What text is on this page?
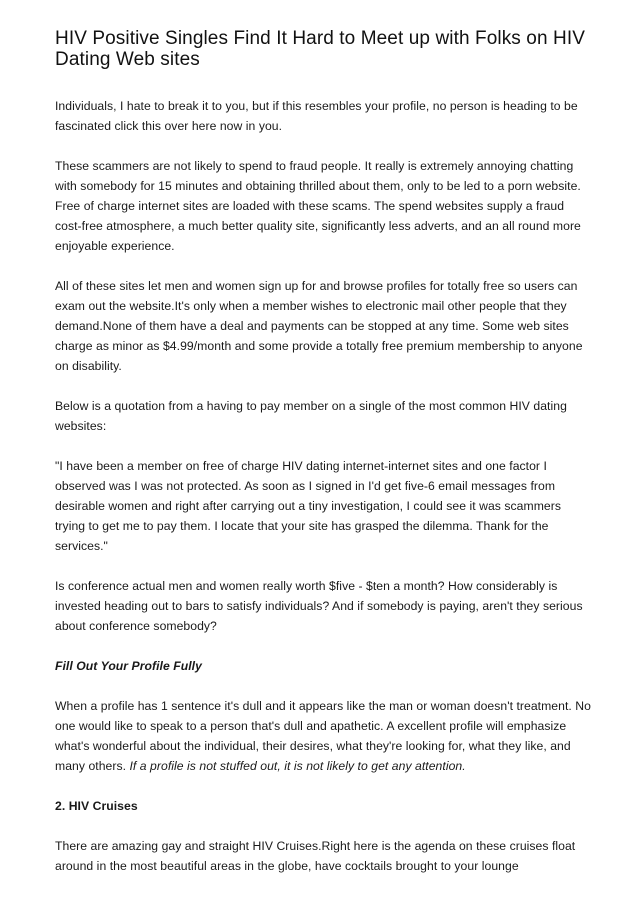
HIV Positive Singles Find It Hard to Meet up with Folks on HIV Dating Web sites

Individuals, I hate to break it to you, but if this resembles your profile, no person is heading to be fascinated click this over here now in you.

These scammers are not likely to spend to fraud people. It really is extremely annoying chatting with somebody for 15 minutes and obtaining thrilled about them, only to be led to a porn website. Free of charge internet sites are loaded with these scams. The spend websites supply a fraud cost-free atmosphere, a much better quality site, significantly less adverts, and an all round more enjoyable experience.

All of these sites let men and women sign up for and browse profiles for totally free so users can exam out the website.It's only when a member wishes to electronic mail other people that they demand.None of them have a deal and payments can be stopped at any time. Some web sites charge as minor as $4.99/month and some provide a totally free premium membership to anyone on disability.

Below is a quotation from a having to pay member on a single of the most common HIV dating websites:

"I have been a member on free of charge HIV dating internet-internet sites and one factor I observed was I was not protected. As soon as I signed in I'd get five-6 email messages from desirable women and right after carrying out a tiny investigation, I could see it was scammers trying to get me to pay them. I locate that your site has grasped the dilemma. Thank for the services."

Is conference actual men and women really worth $five - $ten a month? How considerably is invested heading out to bars to satisfy individuals? And if somebody is paying, aren't they serious about conference somebody?

Fill Out Your Profile Fully

When a profile has 1 sentence it's dull and it appears like the man or woman doesn't treatment. No one would like to speak to a person that's dull and apathetic. A excellent profile will emphasize what's wonderful about the individual, their desires, what they're looking for, what they like, and many others. If a profile is not stuffed out, it is not likely to get any attention.

2. HIV Cruises

There are amazing gay and straight HIV Cruises.Right here is the agenda on these cruises float around in the most beautiful areas in the globe, have cocktails brought to your lounge
